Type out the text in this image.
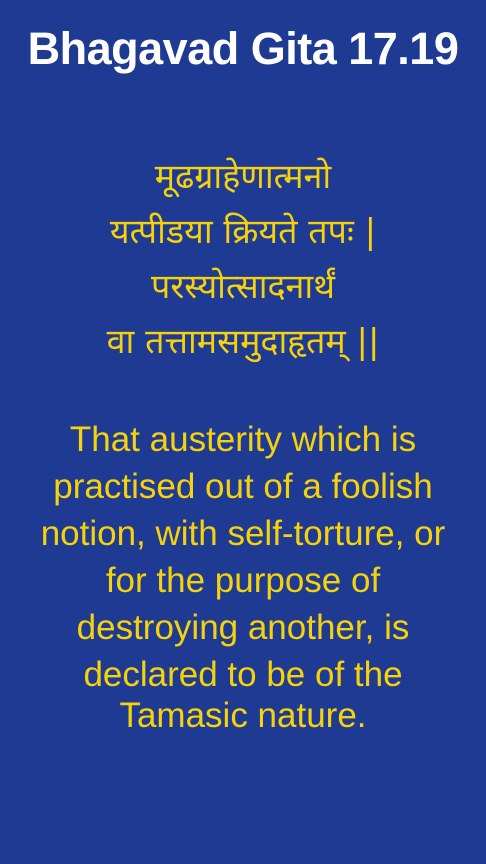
Bhagavad Gita 17.19
मूढग्राहेणात्मनो
यत्पीडया क्रियते तपः |
परस्योत्सादनार्थं
वा तत्तामसमुदाहृतम् ||
That austerity which is
practised out of a foolish
notion, with self-torture, or
for the purpose of
destroying another, is
declared to be of the
Tamasic nature.
